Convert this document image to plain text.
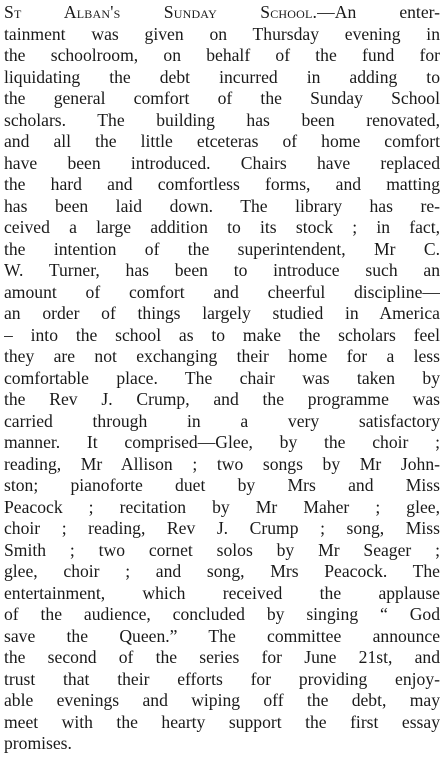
St Alban's Sunday School.—An enter-
tainment was given on Thursday evening in
the schoolroom, on behalf of the fund for
liquidating the debt incurred in adding to
the general comfort of the Sunday School
scholars. The building has been renovated,
and all the little etceteras of home comfort
have been introduced. Chairs have replaced
the hard and comfortless forms, and matting
has been laid down. The library has re-
ceived a large addition to its stock ; in fact,
the intention of the superintendent, Mr C.
W. Turner, has been to introduce such an
amount of comfort and cheerful discipline—
an order of things largely studied in America
– into the school as to make the scholars feel
they are not exchanging their home for a less
comfortable place. The chair was taken by
the Rev J. Crump, and the programme was
carried through in a very satisfactory
manner. It comprised—Glee, by the choir ;
reading, Mr Allison ; two songs by Mr John-
ston; pianoforte duet by Mrs and Miss
Peacock ; recitation by Mr Maher ; glee,
choir ; reading, Rev J. Crump ; song, Miss
Smith ; two cornet solos by Mr Seager ;
glee, choir ; and song, Mrs Peacock. The
entertainment, which received the applause
of the audience, concluded by singing “ God
save the Queen.” The committee announce
the second of the series for June 21st, and
trust that their efforts for providing enjoy-
able evenings and wiping off the debt, may
meet with the hearty support the first essay
promises.
